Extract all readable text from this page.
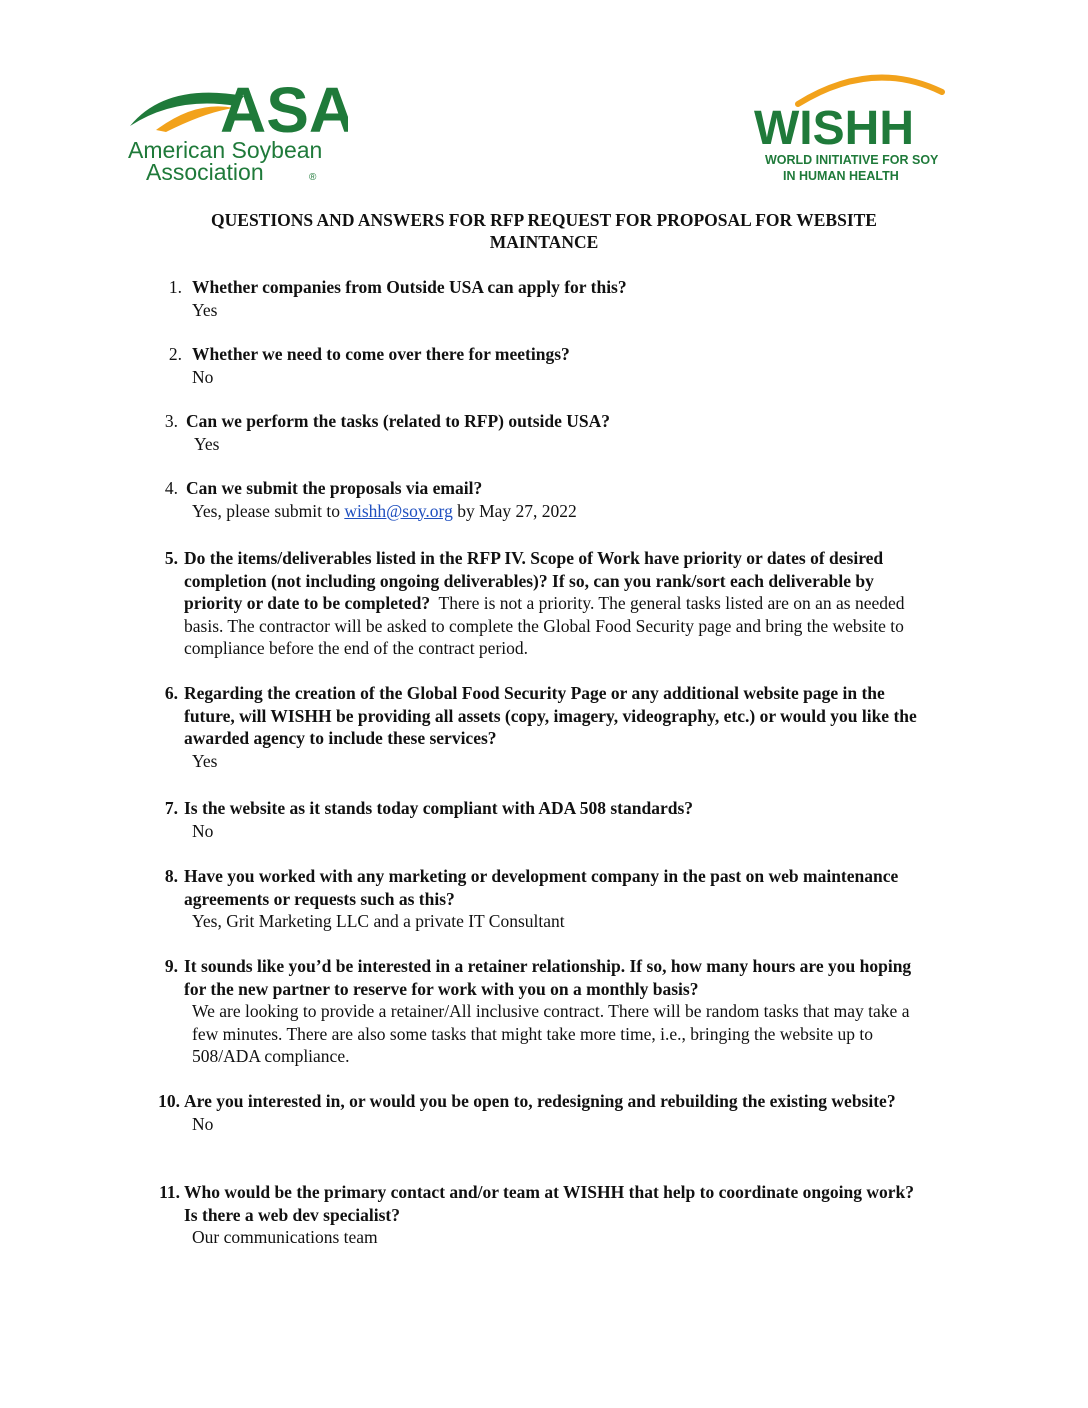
ASA
American Soybean
Association	®
WISHH
WORLD INITIATIVE FOR SOY
IN HUMAN HEALTH
QUESTIONS AND ANSWERS FOR RFP REQUEST FOR PROPOSAL FOR WEBSITE
MAINTANCE
1. Whether companies from Outside USA can apply for this?
Yes
2. Whether we need to come over there for meetings?
No
3. Can we perform the tasks (related to RFP) outside USA?
Yes
4. Can we submit the proposals via email?
Yes, please submit to wishh@soy.org by May 27, 2022
5. Do the items/deliverables listed in the RFP IV. Scope of Work have priority or dates of desired completion (not including ongoing deliverables)? If so, can you rank/sort each deliverable by priority or date to be completed? There is not a priority. The general tasks listed are on an as needed basis. The contractor will be asked to complete the Global Food Security page and bring the website to compliance before the end of the contract period.
6. Regarding the creation of the Global Food Security Page or any additional website page in the future, will WISHH be providing all assets (copy, imagery, videography, etc.) or would you like the awarded agency to include these services?
Yes
7. Is the website as it stands today compliant with ADA 508 standards?
No
8. Have you worked with any marketing or development company in the past on web maintenance agreements or requests such as this?
Yes, Grit Marketing LLC and a private IT Consultant
9. It sounds like you’d be interested in a retainer relationship. If so, how many hours are you hoping for the new partner to reserve for work with you on a monthly basis?
We are looking to provide a retainer/All inclusive contract. There will be random tasks that may take a few minutes. There are also some tasks that might take more time, i.e., bringing the website up to 508/ADA compliance.
10. Are you interested in, or would you be open to, redesigning and rebuilding the existing website?
No
11. Who would be the primary contact and/or team at WISHH that help to coordinate ongoing work? Is there a web dev specialist?
Our communications team
